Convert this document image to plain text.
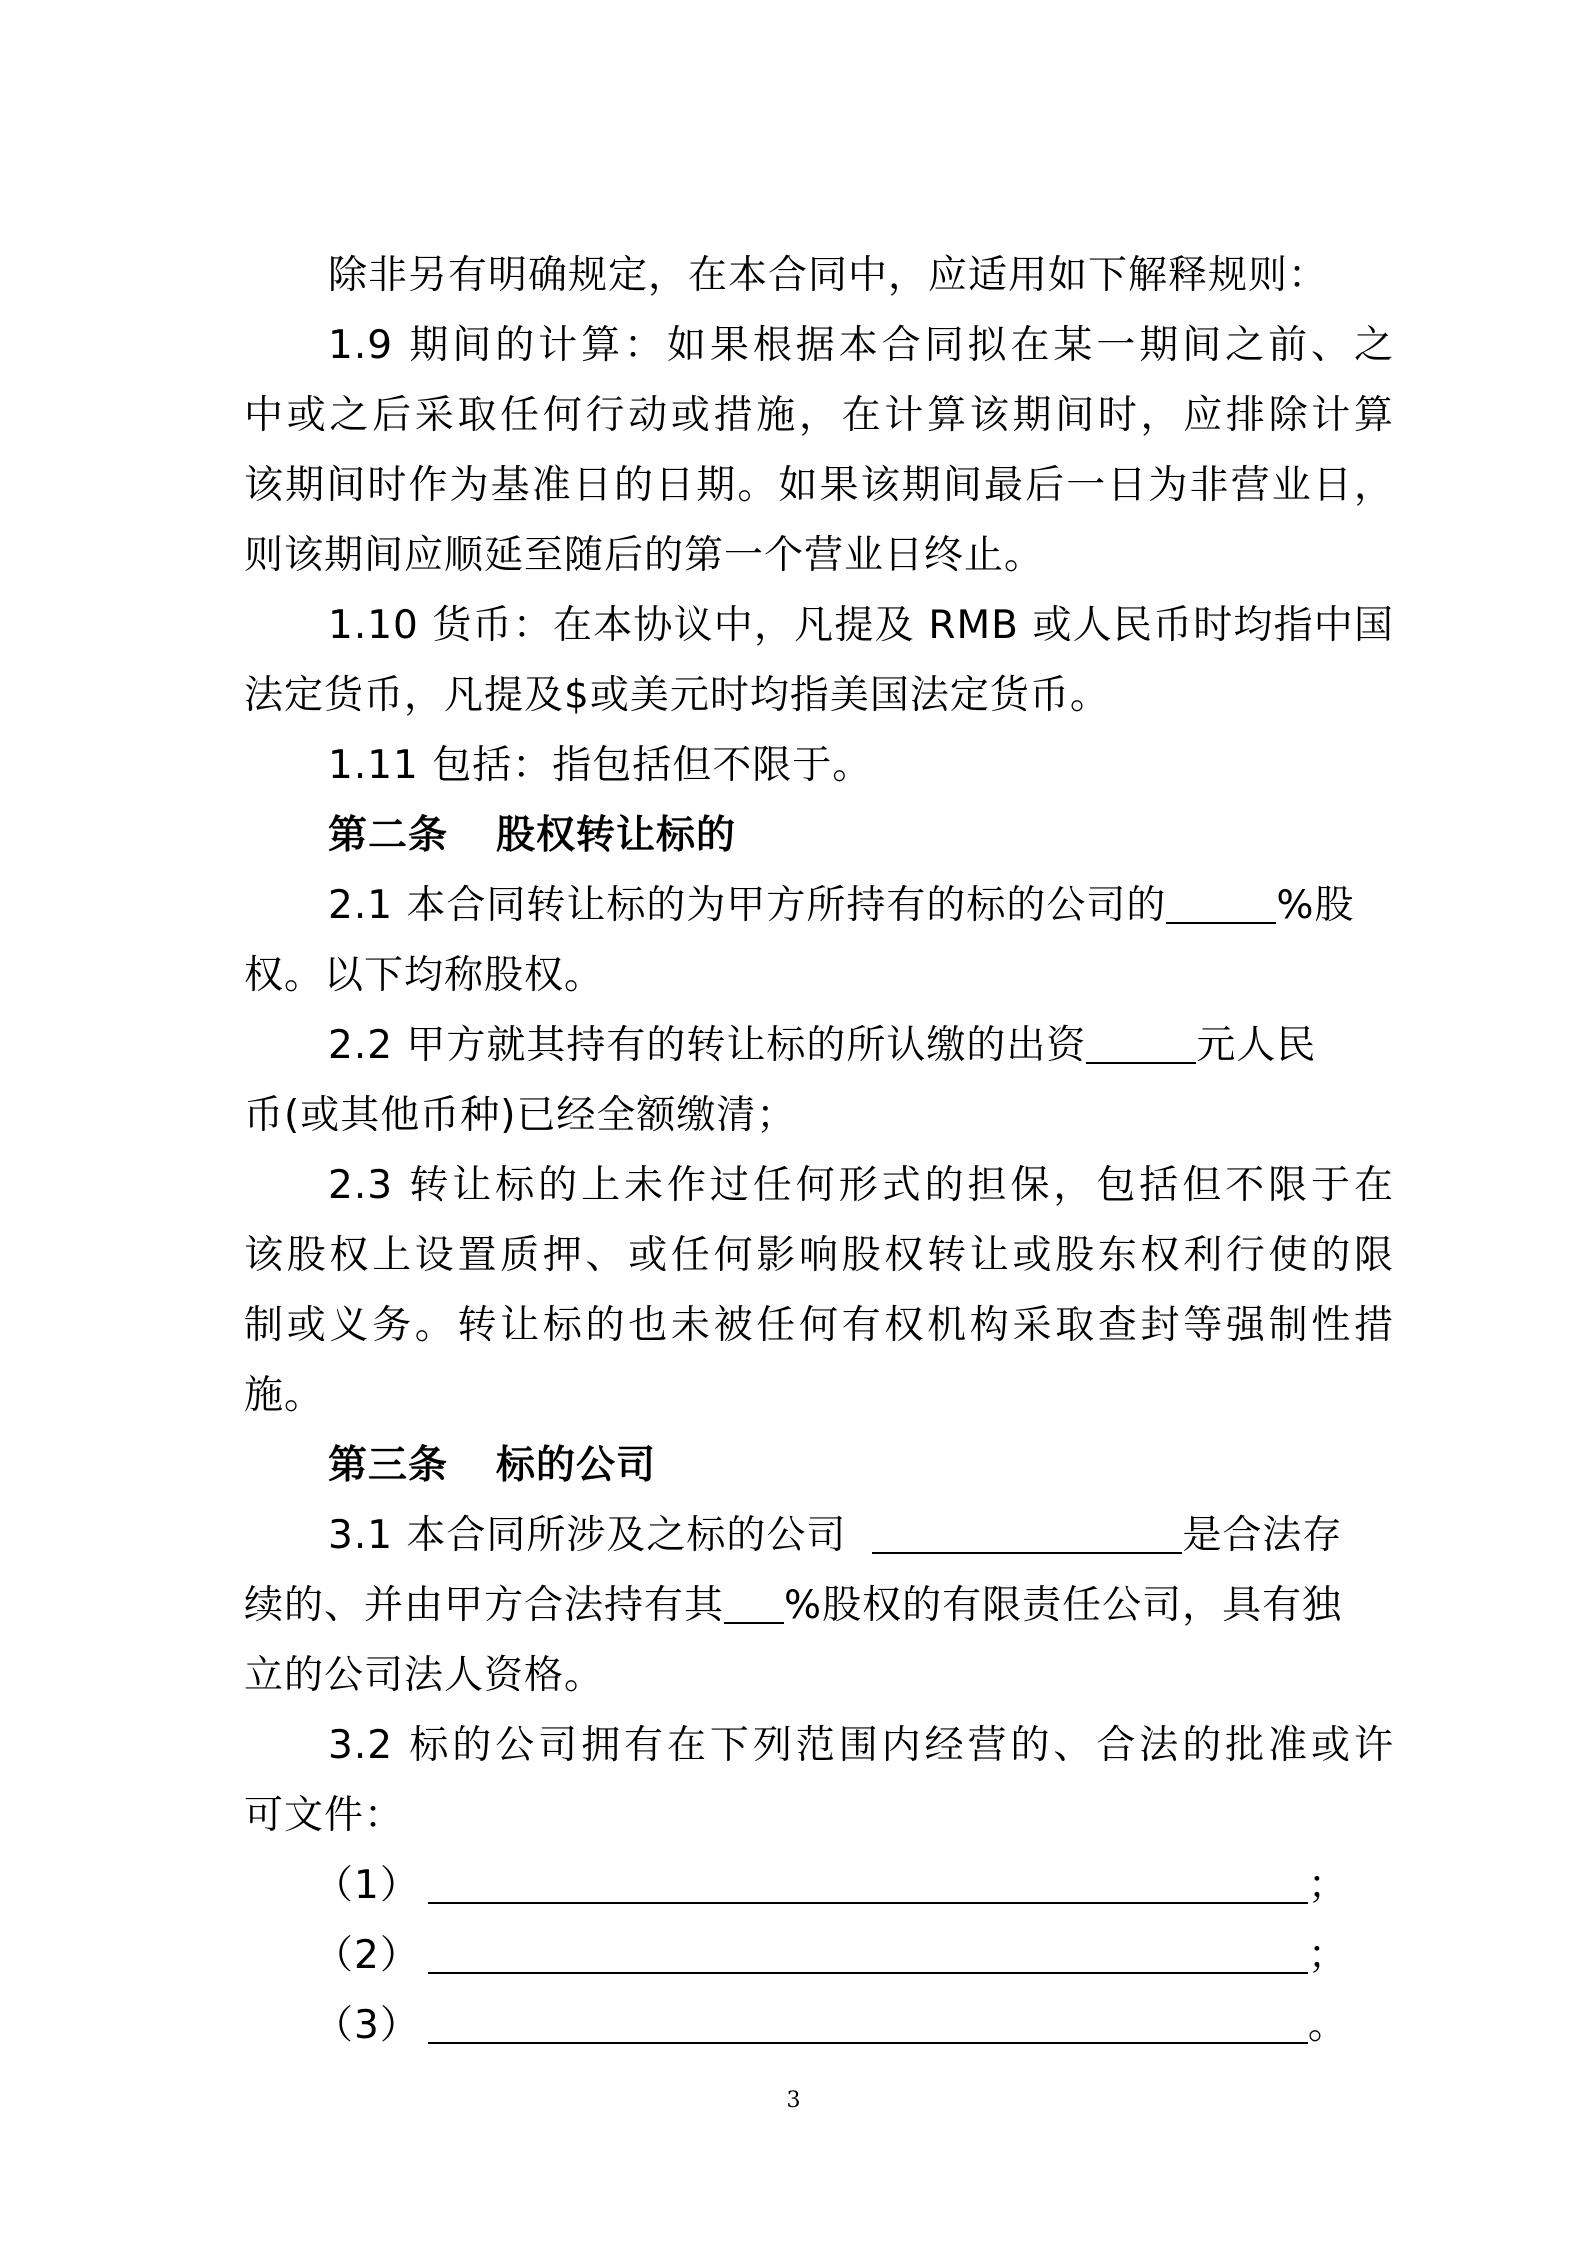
除非另有明确规定，在本合同中，应适用如下解释规则：
1.9 期间的计算：如果根据本合同拟在某一期间之前、之
中或之后采取任何行动或措施，在计算该期间时，应排除计算
该期间时作为基准日的日期。如果该期间最后一日为非营业日，
则该期间应顺延至随后的第一个营业日终止。
1.10 货币：在本协议中，凡提及 RMB 或人民币时均指中国
法定货币，凡提及$或美元时均指美国法定货币。
1.11 包括：指包括但不限于。
第二条 股权转让标的
2.1 本合同转让标的为甲方所持有的标的公司的	%股
权。以下均称股权。
2.2 甲方就其持有的转让标的所认缴的出资	元人民
币(或其他币种)已经全额缴清；
2.3 转让标的上未作过任何形式的担保，包括但不限于在
该股权上设置质押、或任何影响股权转让或股东权利行使的限
制或义务。转让标的也未被任何有权机构采取查封等强制性措
施。
第三条 标的公司
3.1 本合同所涉及之标的公司	是合法存
续的、并由甲方合法持有其 %股权的有限责任公司，具有独
立的公司法人资格。
3.2 标的公司拥有在下列范围内经营的、合法的批准或许
可文件：
（1）	；
（2）	；
（3）	。
3
